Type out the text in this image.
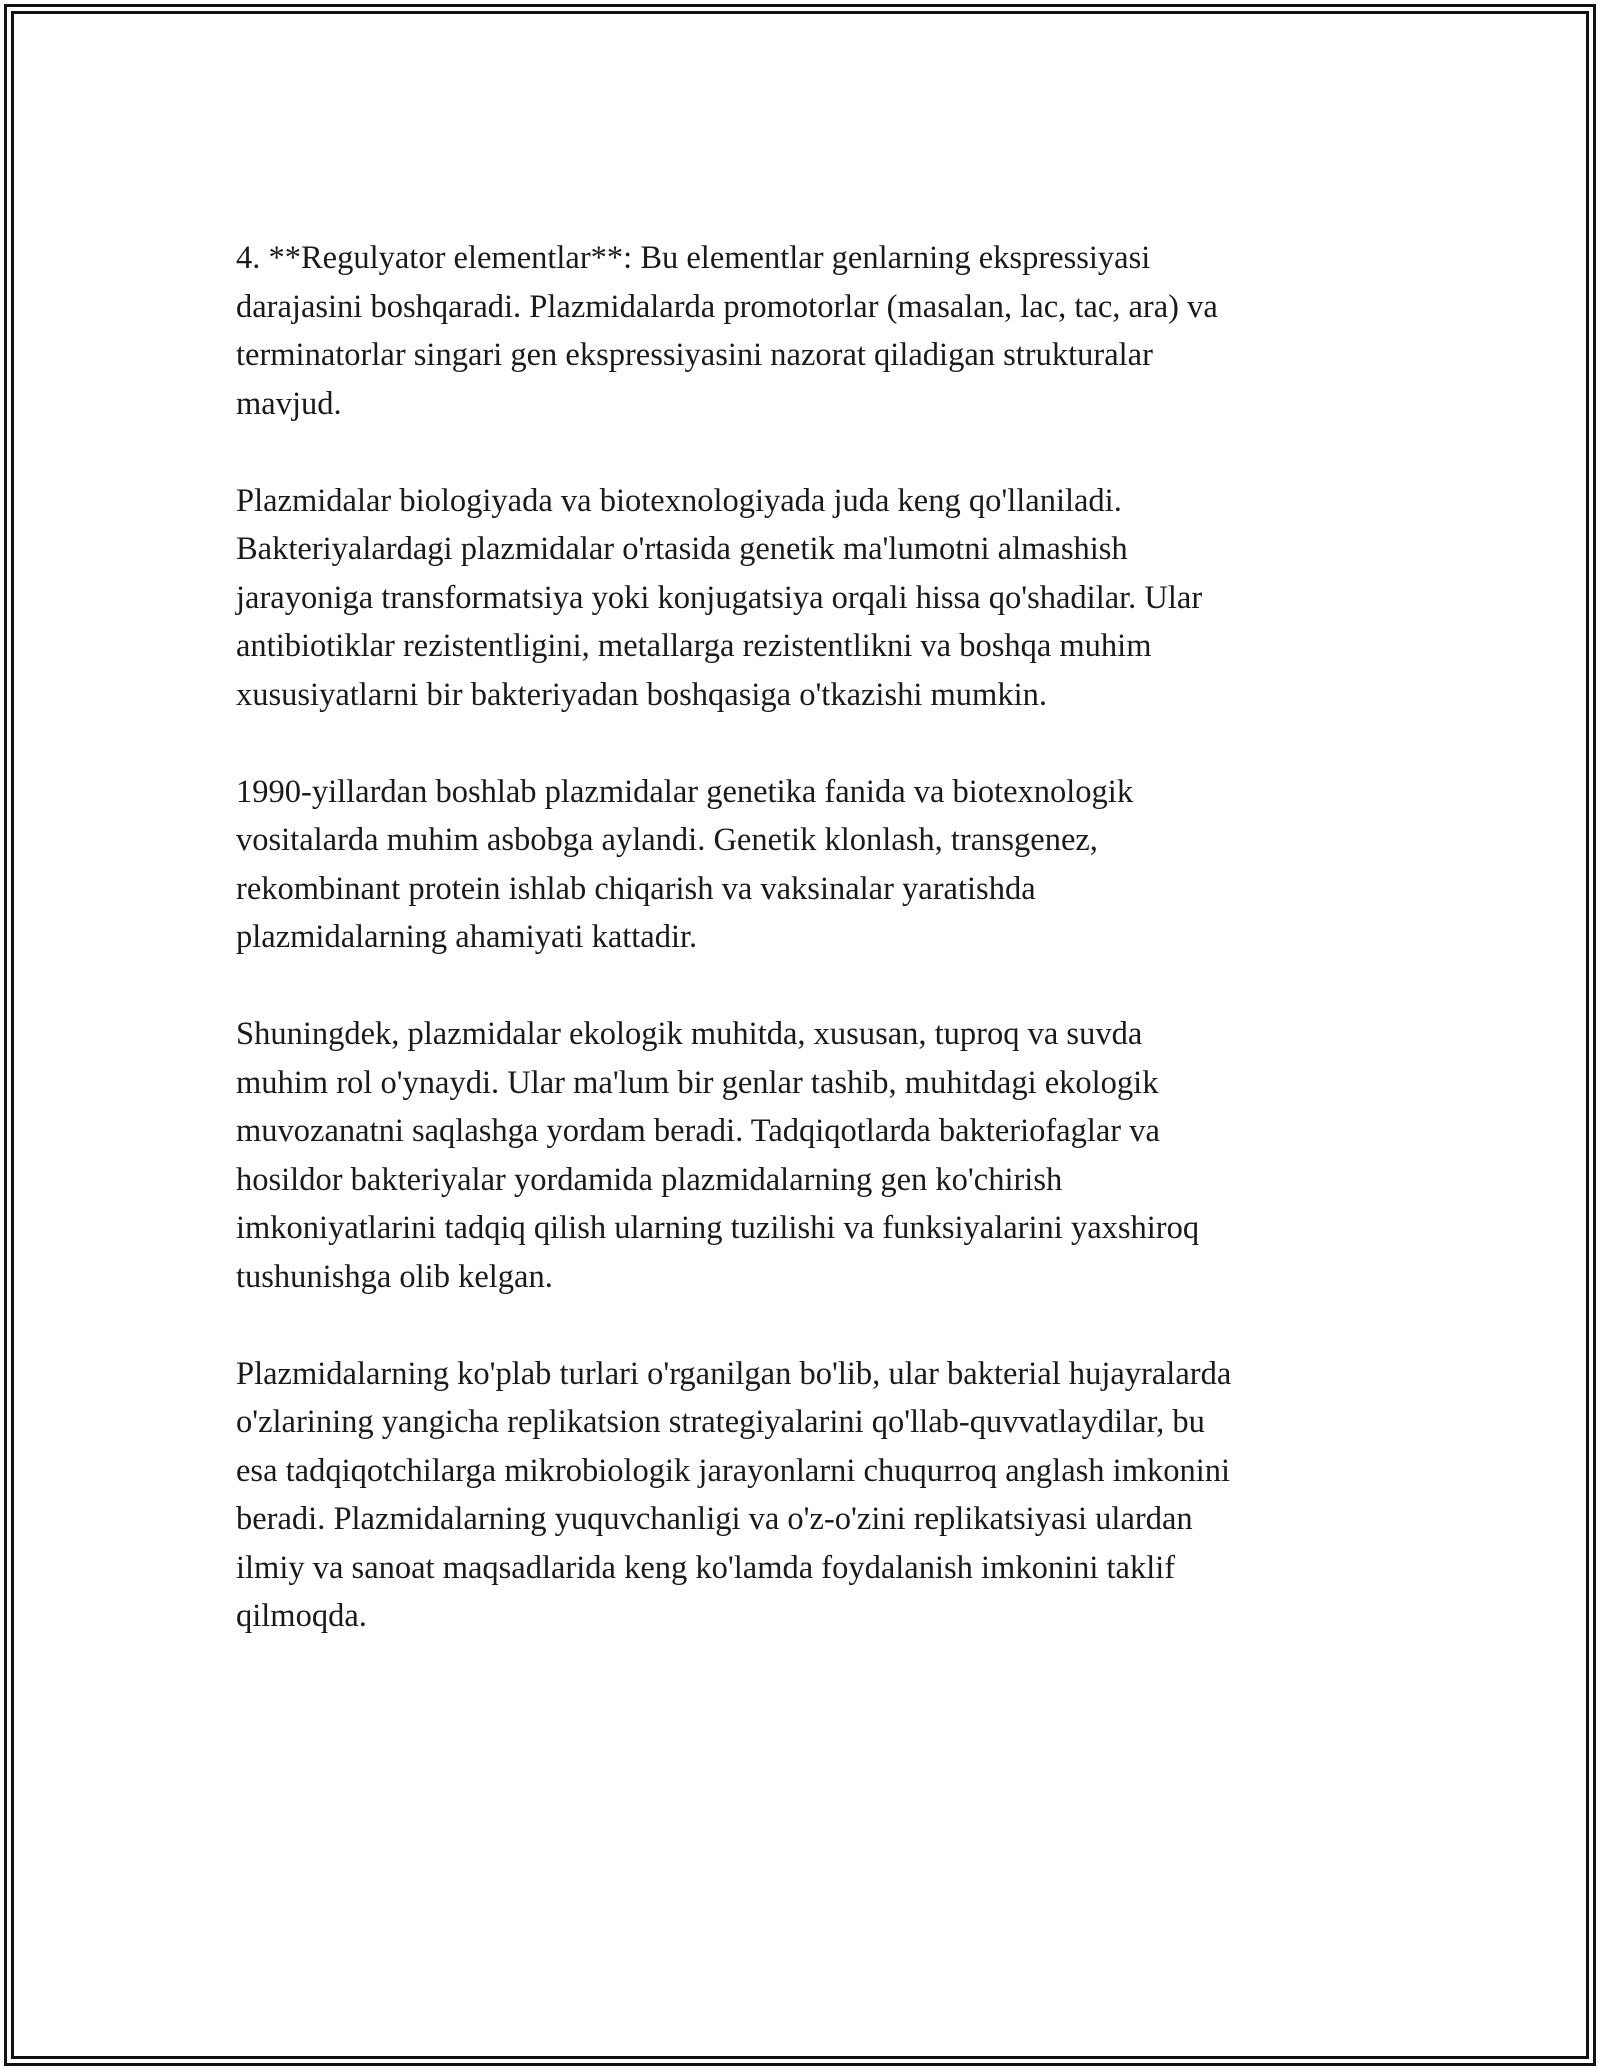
4. **Regulyator elementlar**: Bu elementlar genlarning ekspressiyasi
darajasini boshqaradi. Plazmidalarda promotorlar (masalan, lac, tac, ara) va
terminatorlar singari gen ekspressiyasini nazorat qiladigan strukturalar
mavjud.

Plazmidalar biologiyada va biotexnologiyada juda keng qo'llaniladi.
Bakteriyalardagi plazmidalar o'rtasida genetik ma'lumotni almashish
jarayoniga transformatsiya yoki konjugatsiya orqali hissa qo'shadilar. Ular
antibiotiklar rezistentligini, metallarga rezistentlikni va boshqa muhim
xususiyatlarni bir bakteriyadan boshqasiga o'tkazishi mumkin.

1990-yillardan boshlab plazmidalar genetika fanida va biotexnologik
vositalarda muhim asbobga aylandi. Genetik klonlash, transgenez,
rekombinant protein ishlab chiqarish va vaksinalar yaratishda
plazmidalarning ahamiyati kattadir.

Shuningdek, plazmidalar ekologik muhitda, xususan, tuproq va suvda
muhim rol o'ynaydi. Ular ma'lum bir genlar tashib, muhitdagi ekologik
muvozanatni saqlashga yordam beradi. Tadqiqotlarda bakteriofaglar va
hosildor bakteriyalar yordamida plazmidalarning gen ko'chirish
imkoniyatlarini tadqiq qilish ularning tuzilishi va funksiyalarini yaxshiroq
tushunishga olib kelgan.

Plazmidalarning ko'plab turlari o'rganilgan bo'lib, ular bakterial hujayralarda
o'zlarining yangicha replikatsion strategiyalarini qo'llab-quvvatlaydilar, bu
esa tadqiqotchilarga mikrobiologik jarayonlarni chuqurroq anglash imkonini
beradi. Plazmidalarning yuquvchanligi va o'z-o'zini replikatsiyasi ulardan
ilmiy va sanoat maqsadlarida keng ko'lamda foydalanish imkonini taklif
qilmoqda.
